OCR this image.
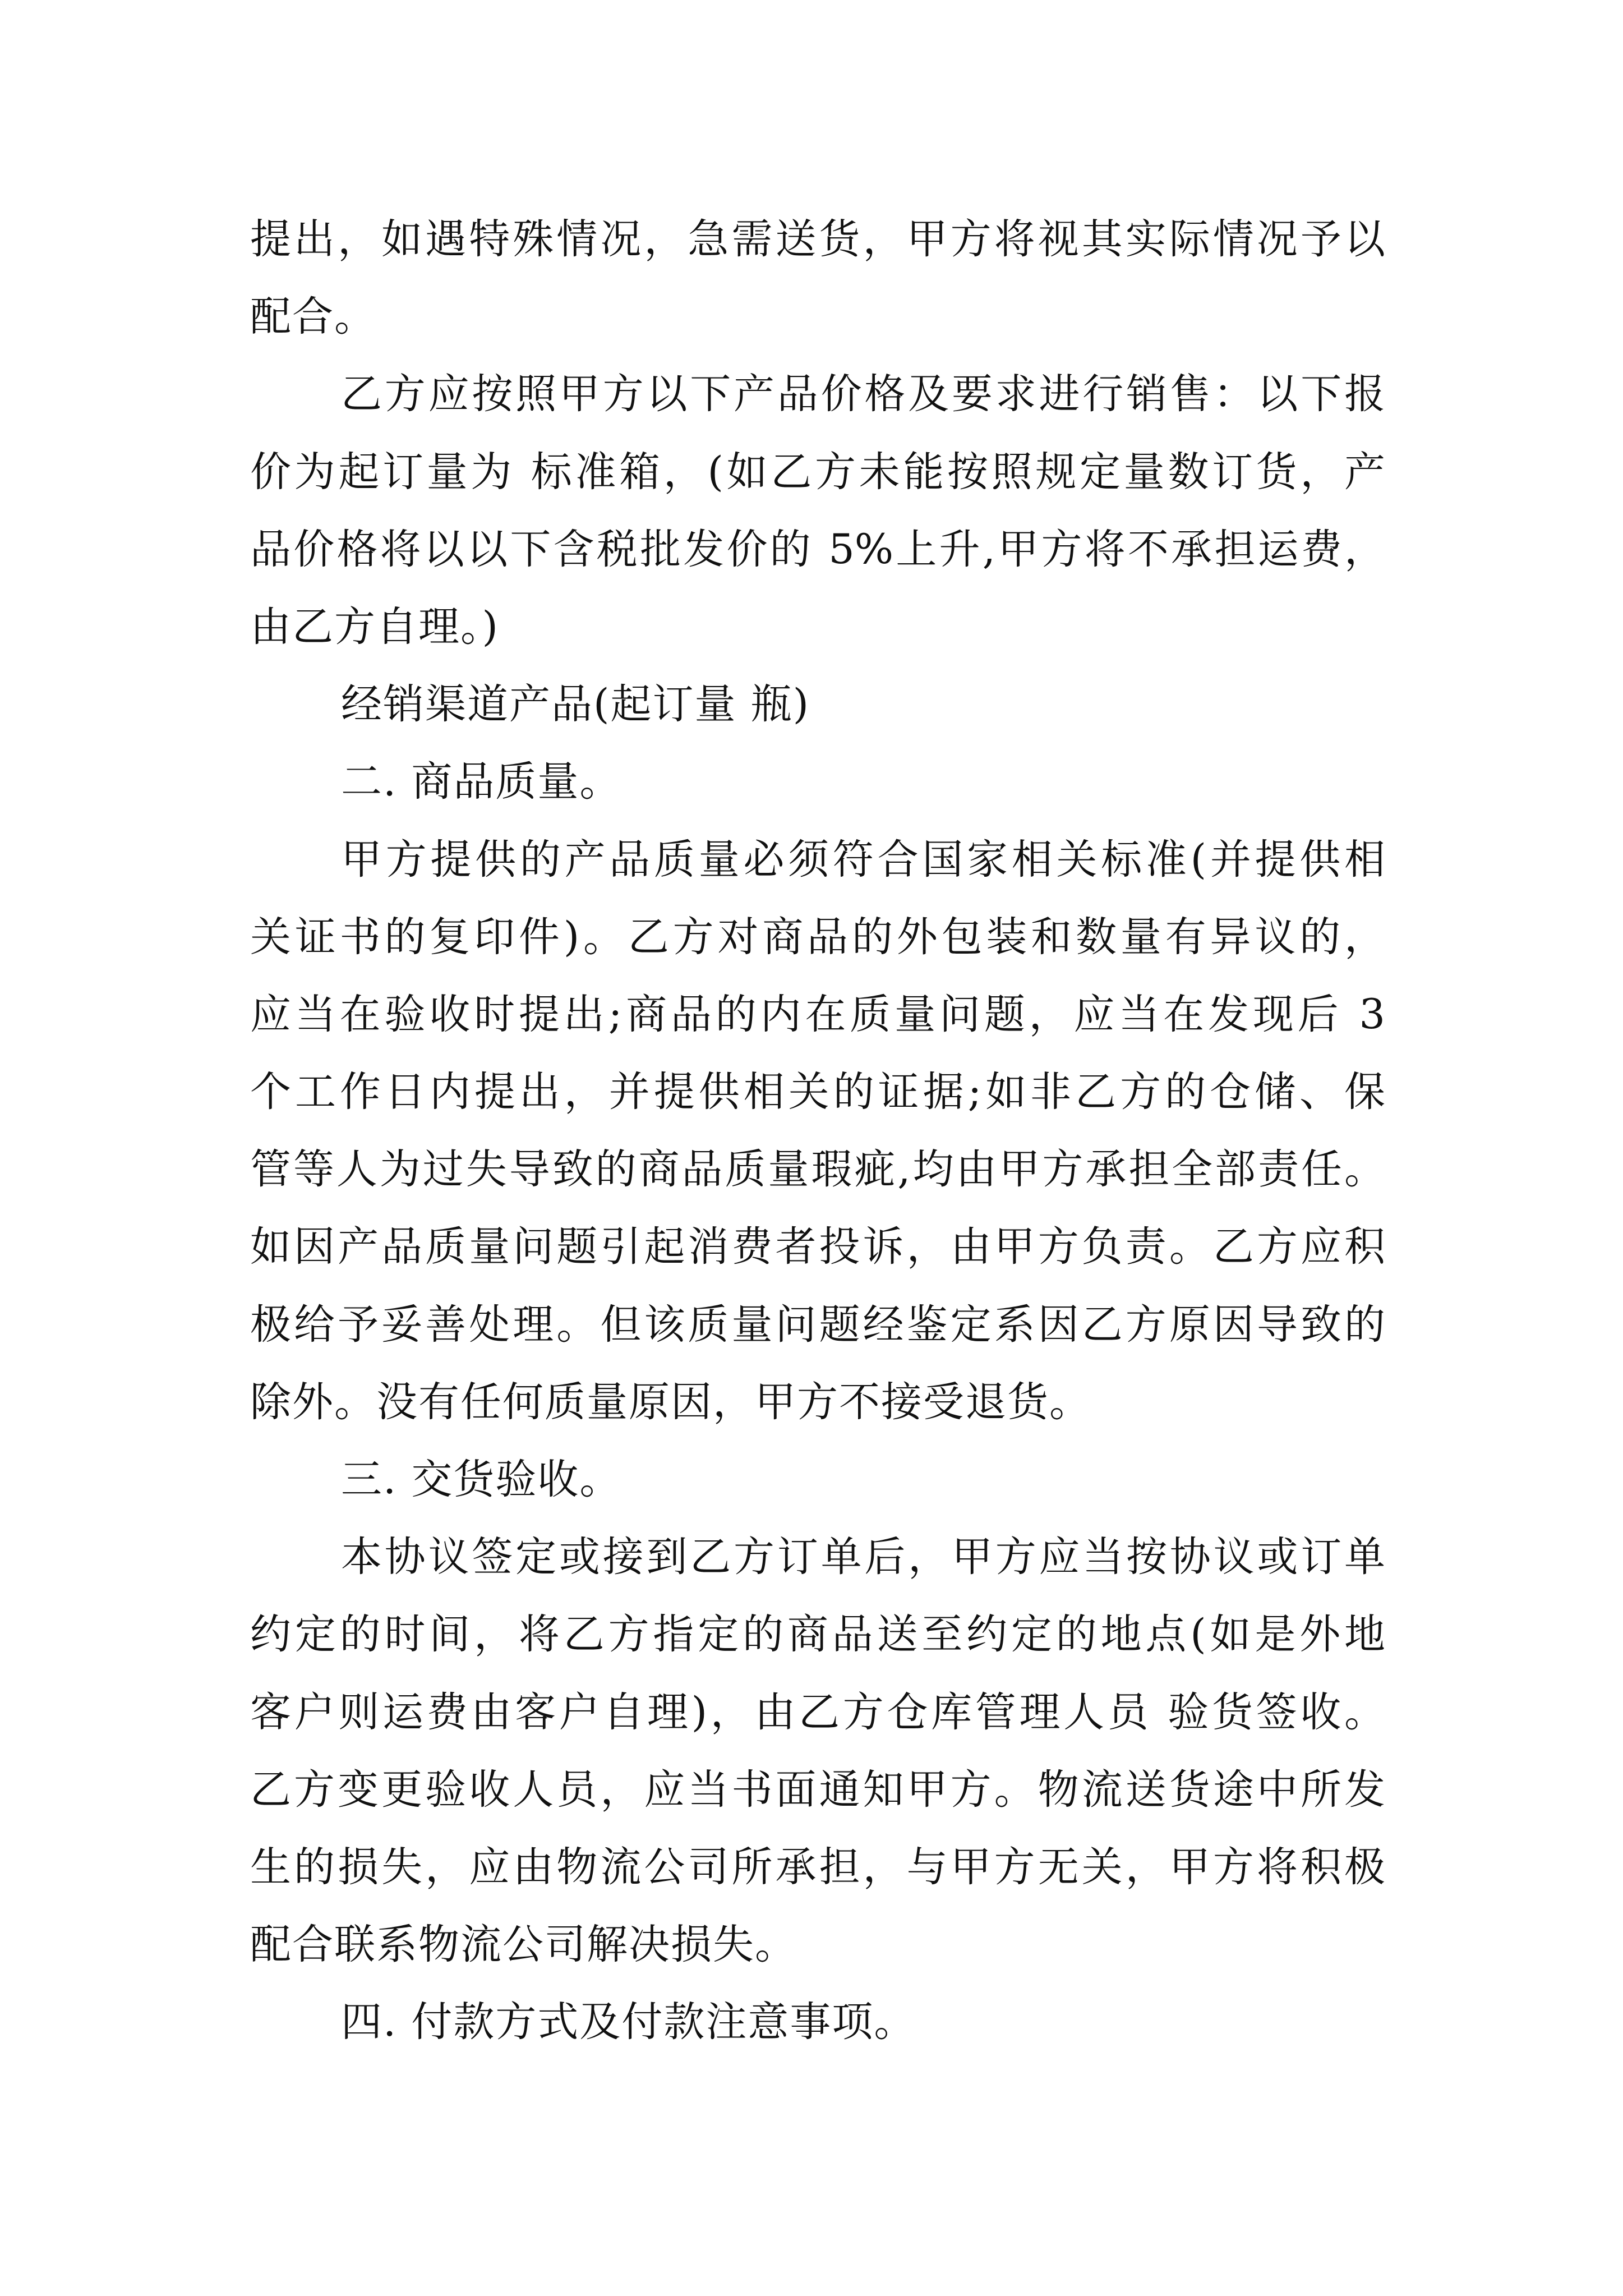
提出，如遇特殊情况，急需送货，甲方将视其实际情况予以
配合。
乙方应按照甲方以下产品价格及要求进行销售：以下报
价为起订量为 标准箱，(如乙方未能按照规定量数订货，产
品价格将以以下含税批发价的 5%上升,甲方将不承担运费，
由乙方自理。)
经销渠道产品(起订量 瓶)
二. 商品质量。
甲方提供的产品质量必须符合国家相关标准(并提供相
关证书的复印件)。乙方对商品的外包装和数量有异议的，
应当在验收时提出;商品的内在质量问题，应当在发现后 3
个工作日内提出，并提供相关的证据;如非乙方的仓储、保
管等人为过失导致的商品质量瑕疵,均由甲方承担全部责任。
如因产品质量问题引起消费者投诉，由甲方负责。乙方应积
极给予妥善处理。但该质量问题经鉴定系因乙方原因导致的
除外。没有任何质量原因，甲方不接受退货。
三. 交货验收。
本协议签定或接到乙方订单后，甲方应当按协议或订单
约定的时间，将乙方指定的商品送至约定的地点(如是外地
客户则运费由客户自理)，由乙方仓库管理人员 验货签收。
乙方变更验收人员，应当书面通知甲方。物流送货途中所发
生的损失，应由物流公司所承担，与甲方无关，甲方将积极
配合联系物流公司解决损失。
四. 付款方式及付款注意事项。
